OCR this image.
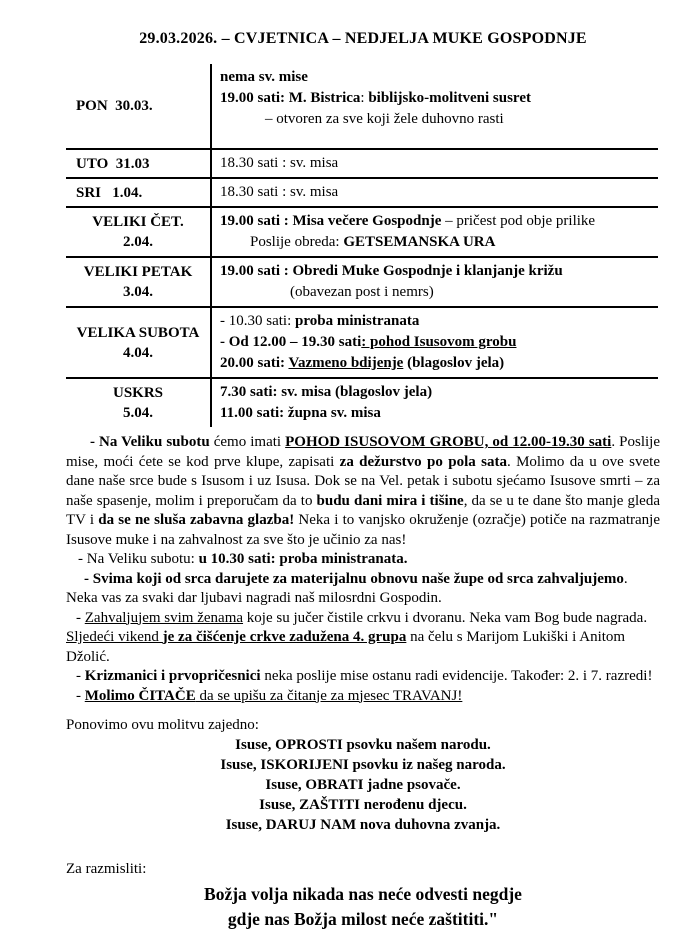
29.03.2026. – CVJETNICA – NEDJELJA MUKE GOSPODNJE
PON  30.03.
nema sv. mise
19.00 sati: M. Bistrica: biblijsko-molitveni susret
– otvoren za sve koji žele duhovno rasti
UTO  31.03	18.30 sati : sv. misa
SRI   1.04.	18.30 sati : sv. misa
VELIKI ČET.
2.04.
19.00 sati : Misa večere Gospodnje – pričest pod obje prilike
Poslije obreda: GETSEMANSKA URA
VELIKI PETAK
3.04.
19.00 sati : Obredi Muke Gospodnje i klanjanje križu
(obavezan post i nemrs)
VELIKA SUBOTA
4.04.
- 10.30 sati: proba ministranata
- Od 12.00 – 19.30 sati: pohod Isusovom grobu
20.00 sati: Vazmeno bdijenje (blagoslov jela)
USKRS
5.04.
7.30 sati: sv. misa (blagoslov jela)
11.00 sati: župna sv. misa

- Na Veliku subotu ćemo imati POHOD ISUSOVOM GROBU, od 12.00-19.30 sati. Poslije mise, moći ćete se kod prve klupe, zapisati za dežurstvo po pola sata. Molimo da u ove svete dane naše srce bude s Isusom i uz Isusa. Dok se na Vel. petak i subotu sjećamo Isusove smrti – za naše spasenje, molim i preporučam da to budu dani mira i tišine, da se u te dane što manje gleda TV i da se ne sluša zabavna glazba! Neka i to vanjsko okruženje (ozračje) potiče na razmatranje Isusove muke i na zahvalnost za sve što je učinio za nas!

- Na Veliku subotu: u 10.30 sati: proba ministranata.

- Svima koji od srca darujete za materijalnu obnovu naše župe od srca zahvaljujemo. Neka vas za svaki dar ljubavi nagradi naš milosrdni Gospodin.

- Zahvaljujem svim ženama koje su jučer čistile crkvu i dvoranu. Neka vam Bog bude nagrada.

Sljedeći vikend je za čišćenje crkve zadužena 4. grupa na čelu s Marijom Lukiški i Anitom Džolić.

- Krizmanici i prvopričesnici neka poslije mise ostanu radi evidencije. Također: 2. i 7. razredi!

- Molimo ČITAČE da se upišu za čitanje za mjesec TRAVANJ!

Ponovimo ovu molitvu zajedno:
Isuse, OPROSTI psovku našem narodu.
Isuse, ISKORIJENI psovku iz našeg naroda.
Isuse, OBRATI jadne psovače.
Isuse, ZAŠTITI nerođenu djecu.
Isuse, DARUJ NAM nova duhovna zvanja.
Za razmisliti:
Božja volja nikada nas neće odvesti negdje
gdje nas Božja milost neće zaštititi."
